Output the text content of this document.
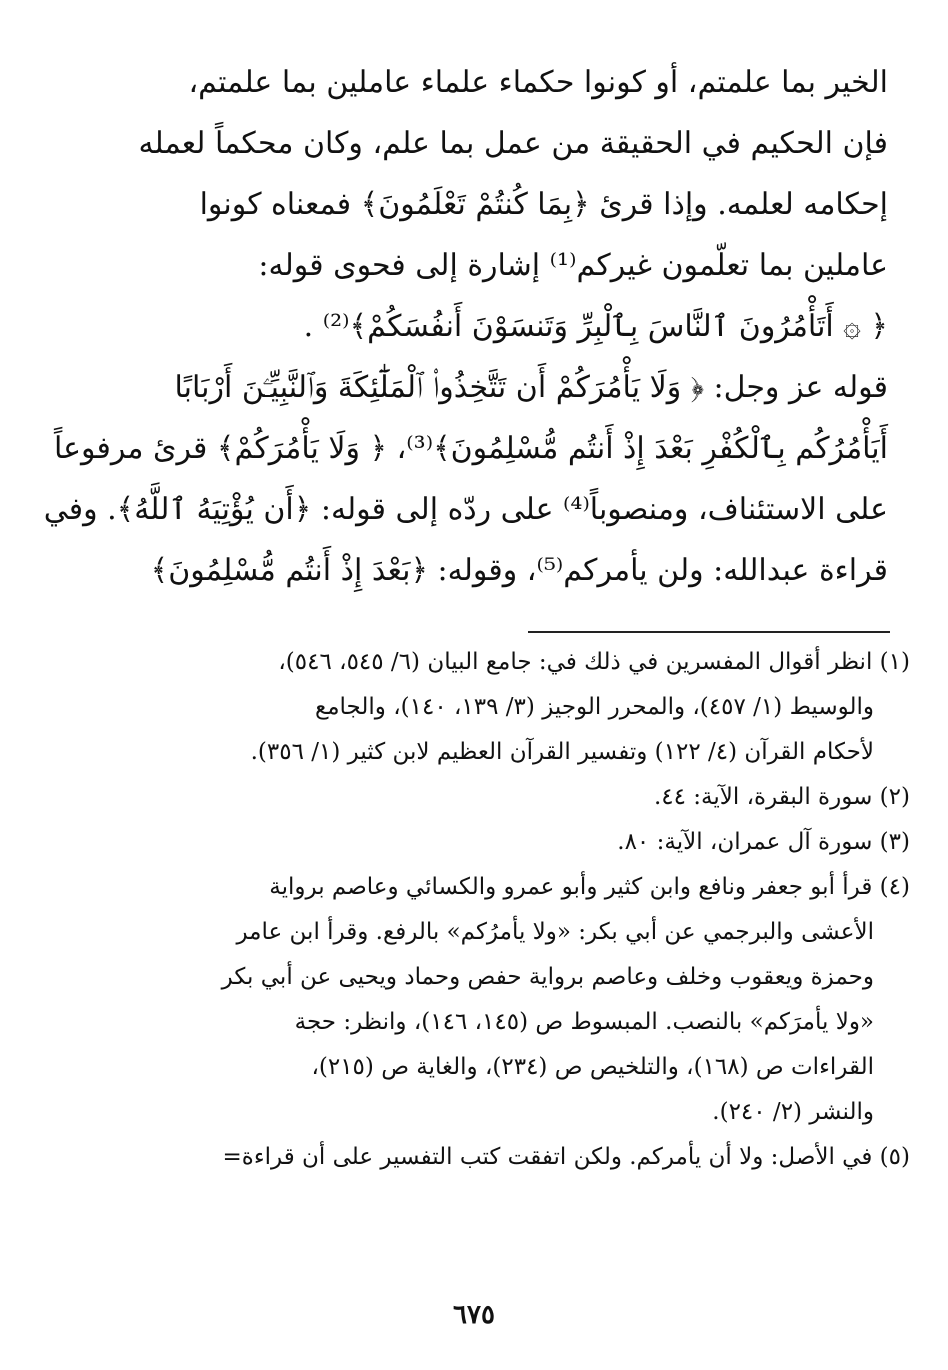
الخير بما علمتم، أو كونوا حكماء علماء عاملين بما علمتم،
فإن الحكيم في الحقيقة من عمل بما علم، وكان محكماً لعمله
إحكامه لعلمه. وإذا قرئ ﴿بِمَا كُنتُمْ تَعْلَمُونَ﴾ فمعناه كونوا
عاملين بما تعلّمون غيركم⁽¹⁾ إشارة إلى فحوى قوله:
﴿ ۞ أَتَأْمُرُونَ ٱلنَّاسَ بِٱلْبِرِّ وَتَنسَوْنَ أَنفُسَكُمْ﴾⁽²⁾ .
قوله عز وجل: ﴿ وَلَا يَأْمُرَكُمْ أَن تَتَّخِذُوا۟ ٱلْمَلَٰٓئِكَةَ وَٱلنَّبِيِّـۧنَ أَرْبَابًا
أَيَأْمُرُكُم بِٱلْكُفْرِ بَعْدَ إِذْ أَنتُم مُّسْلِمُونَ﴾⁽³⁾، ﴿ وَلَا يَأْمُرَكُمْ﴾ قرئ مرفوعاً
على الاستئناف، ومنصوباً⁽⁴⁾ على ردّه إلى قوله: ﴿أَن يُؤْتِيَهُ ٱللَّهُ﴾. وفي
قراءة عبدالله: ولن يأمركم⁽⁵⁾، وقوله: ﴿بَعْدَ إِذْ أَنتُم مُّسْلِمُونَ﴾
(١) انظر أقوال المفسرين في ذلك في: جامع البيان (٦/ ٥٤٥، ٥٤٦)،
والوسيط (١/ ٤٥٧)، والمحرر الوجيز (٣/ ١٣٩، ١٤٠)، والجامع
لأحكام القرآن (٤/ ١٢٢) وتفسير القرآن العظيم لابن كثير (١/ ٣٥٦).
(٢) سورة البقرة، الآية: ٤٤.
(٣) سورة آل عمران، الآية: ٨٠.
(٤) قرأ أبو جعفر ونافع وابن كثير وأبو عمرو والكسائي وعاصم برواية
الأعشى والبرجمي عن أبي بكر: «ولا يأمرُكم» بالرفع. وقرأ ابن عامر
وحمزة ويعقوب وخلف وعاصم برواية حفص وحماد ويحيى عن أبي بكر
«ولا يأمرَكم» بالنصب. المبسوط ص (١٤٥، ١٤٦)، وانظر: حجة
القراءات ص (١٦٨)، والتلخيص ص (٢٣٤)، والغاية ص (٢١٥)،
والنشر (٢/ ٢٤٠).
(٥) في الأصل: ولا أن يأمركم. ولكن اتفقت كتب التفسير على أن قراءة=
٦٧٥
